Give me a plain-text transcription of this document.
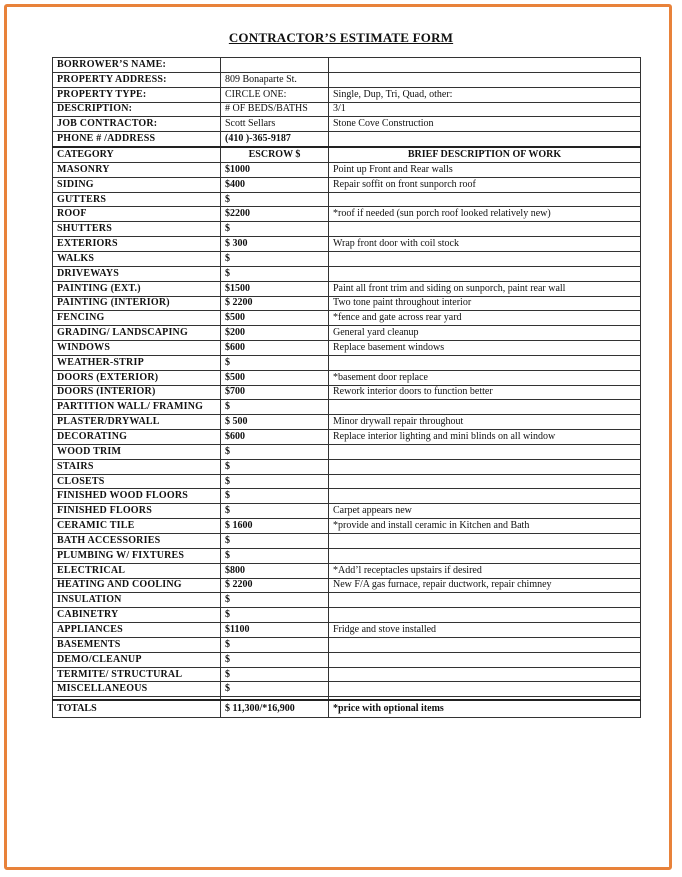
CONTRACTOR’S ESTIMATE FORM
BORROWER’S NAME:		
PROPERTY ADDRESS:	809 Bonaparte St.	
PROPERTY TYPE:	CIRCLE ONE:	Single, Dup, Tri, Quad, other:
DESCRIPTION:	# OF BEDS/BATHS	3/1
JOB CONTRACTOR:	Scott Sellars	Stone Cove Construction
PHONE # /ADDRESS	(410 )-365-9187	
CATEGORY	ESCROW $	BRIEF DESCRIPTION OF WORK
MASONRY	$1000	Point up Front and Rear walls
SIDING	$400	Repair soffit on front sunporch roof
GUTTERS	$	
ROOF	$2200	*roof if needed (sun porch roof looked relatively new)
SHUTTERS	$	
EXTERIORS	$ 300	Wrap front door with coil stock
WALKS	$	
DRIVEWAYS	$	
PAINTING (EXT.)	$1500	Paint all front trim and siding on sunporch, paint rear wall
PAINTING (INTERIOR)	$ 2200	Two tone paint throughout interior
FENCING	$500	*fence and gate across rear yard
GRADING/ LANDSCAPING	$200	General yard cleanup
WINDOWS	$600	Replace basement windows
WEATHER-STRIP	$	
DOORS (EXTERIOR)	$500	*basement door replace
DOORS (INTERIOR)	$700	Rework interior doors to function better
PARTITION WALL/ FRAMING	$	
PLASTER/DRYWALL	$ 500	Minor drywall repair throughout
DECORATING	$600	Replace interior lighting and mini blinds on all window
WOOD TRIM	$	
STAIRS	$	
CLOSETS	$	
FINISHED WOOD FLOORS	$	
FINISHED FLOORS	$	Carpet appears new
CERAMIC TILE	$ 1600	*provide and install ceramic in Kitchen and Bath
BATH ACCESSORIES	$	
PLUMBING W/ FIXTURES	$	
ELECTRICAL	$800	*Add’l receptacles upstairs if desired
HEATING AND COOLING	$ 2200	New F/A gas furnace, repair ductwork, repair chimney
INSULATION	$	
CABINETRY	$	
APPLIANCES	$1100	Fridge and stove installed
BASEMENTS	$	
DEMO/CLEANUP	$	
TERMITE/ STRUCTURAL	$	
MISCELLANEOUS	$	

TOTALS	$ 11,300/*16,900	*price with optional items
